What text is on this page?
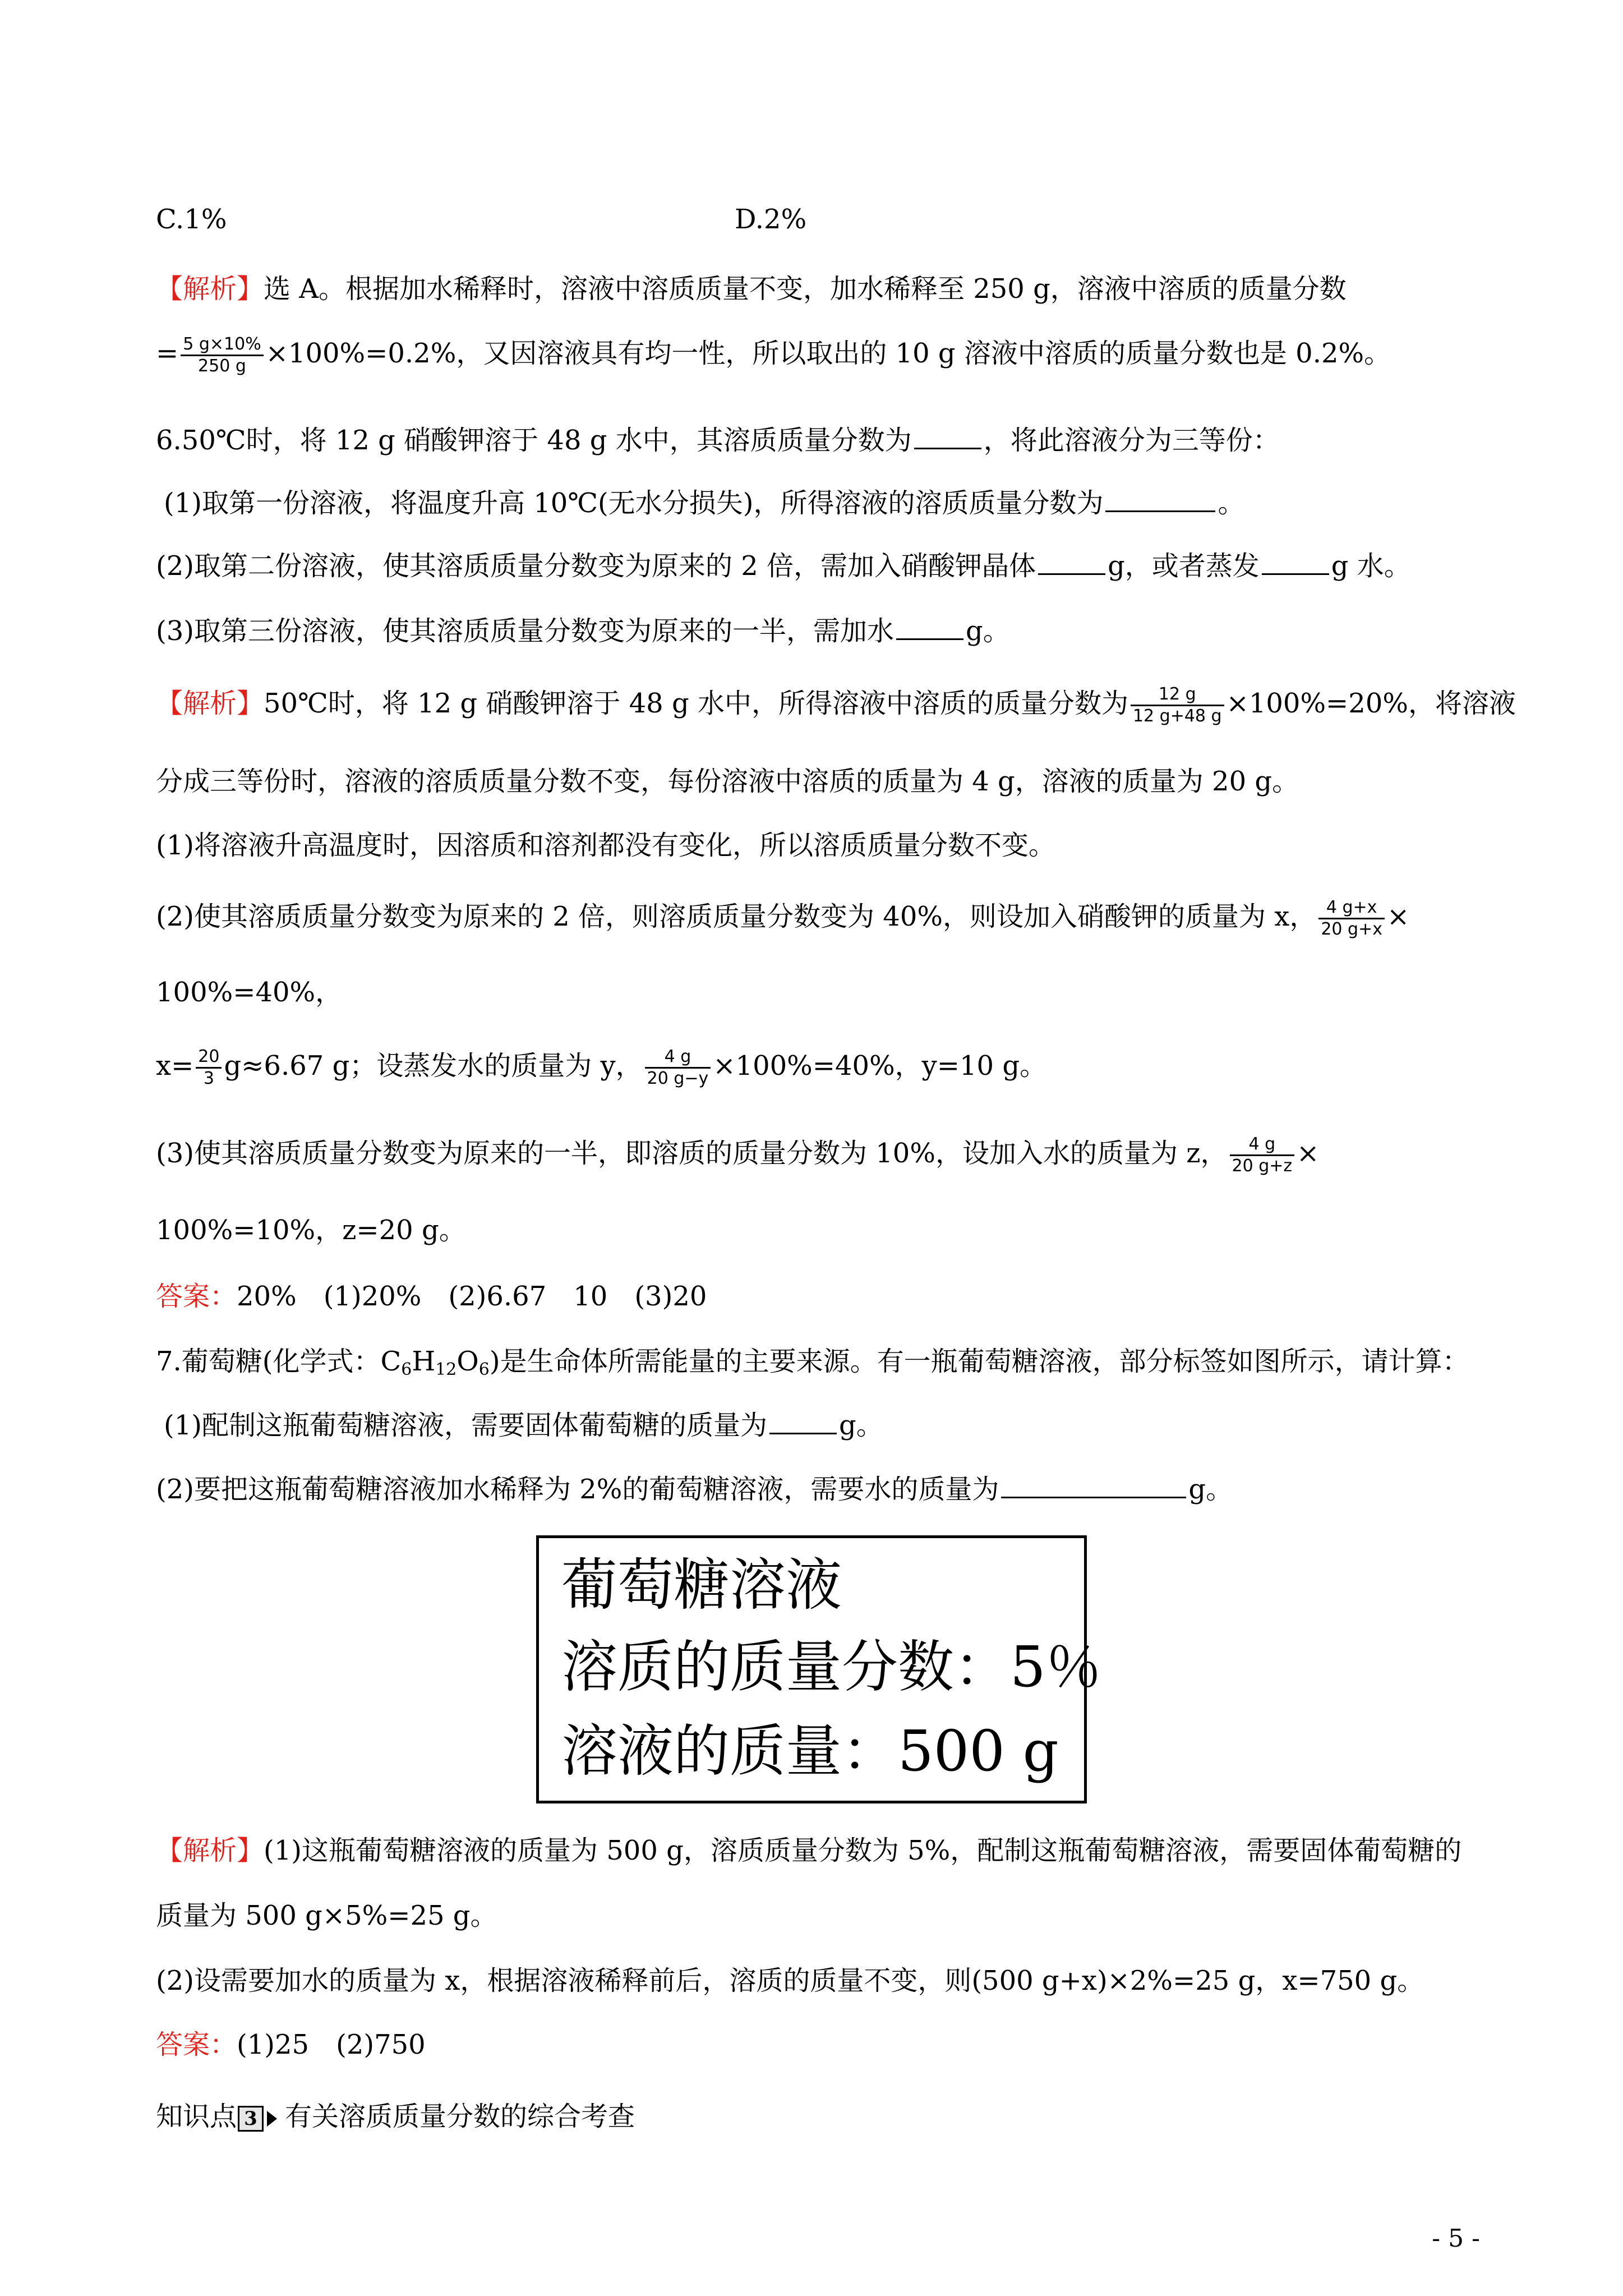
C.1%	D.2%
【解析】选 A。根据加水稀释时，溶液中溶质质量不变，加水稀释至 250 g，溶液中溶质的质量分数
= $\frac{5 g\times 10\%}{250 g} \times 100\%=0.2\%$，又因溶液具有均一性，所以取出的 10 g 溶液中溶质的质量分数也是 0.2%。
6.50℃时，将 12 g 硝酸钾溶于 48 g 水中，其溶质质量分数为	，将此溶液分为三等份：
(1)取第一份溶液，将温度升高 10℃(无水分损失)，所得溶液的溶质质量分数为	。
(2)取第二份溶液，使其溶质质量分数变为原来的 2 倍，需加入硝酸钾晶体	g，或者蒸发	g 水。
(3)取第三份溶液，使其溶质质量分数变为原来的一半，需加水	g。
【解析】50℃时，将 12 g 硝酸钾溶于 48 g 水中，所得溶液中溶质的质量分数为 $\frac{12 g}{12 g+48 g} \times 100\%=20\%$，将溶液
分成三等份时，溶液的溶质质量分数不变，每份溶液中溶质的质量为 4 g，溶液的质量为 20 g。
(1)将溶液升高温度时，因溶质和溶剂都没有变化，所以溶质质量分数不变。
(2)使其溶质质量分数变为原来的 2 倍，则溶质质量分数变为 40%，则设加入硝酸钾的质量为 x， $\frac{4 g+x}{20 g+x}$ ×
100%=40%，
$x= \frac{20}{3} g\approx 6.67$ g；设蒸发水的质量为 y， $\frac{4 g}{20 g-y} \times 100\%=40\%$，y=10 g。
(3)使其溶质质量分数变为原来的一半，即溶质的质量分数为 10%，设加入水的质量为 z， $\frac{4 g}{20 g+z}$ ×
100%=10%，z=20 g。
答案：20%　(1)20%　(2)6.67　10　(3)20
7.葡萄糖(化学式：$C_6H_{12}O_6$)是生命体所需能量的主要来源。有一瓶葡萄糖溶液，部分标签如图所示，请计算：
(1)配制这瓶葡萄糖溶液，需要固体葡萄糖的质量为	g。
(2)要把这瓶葡萄糖溶液加水稀释为 2%的葡萄糖溶液，需要水的质量为	g。
葡萄糖溶液
溶质的质量分数：5％
溶液的质量：500 g
【解析】(1)这瓶葡萄糖溶液的质量为 500 g，溶质质量分数为 5%，配制这瓶葡萄糖溶液，需要固体葡萄糖的
质量为 500 g×5%=25 g。
(2)设需要加水的质量为 x，根据溶液稀释前后，溶质的质量不变，则(500 g+x)×2%=25 g，x=750 g。
答案：(1)25　(2)750
知识点 3 有关溶质质量分数的综合考查
- 5 -
